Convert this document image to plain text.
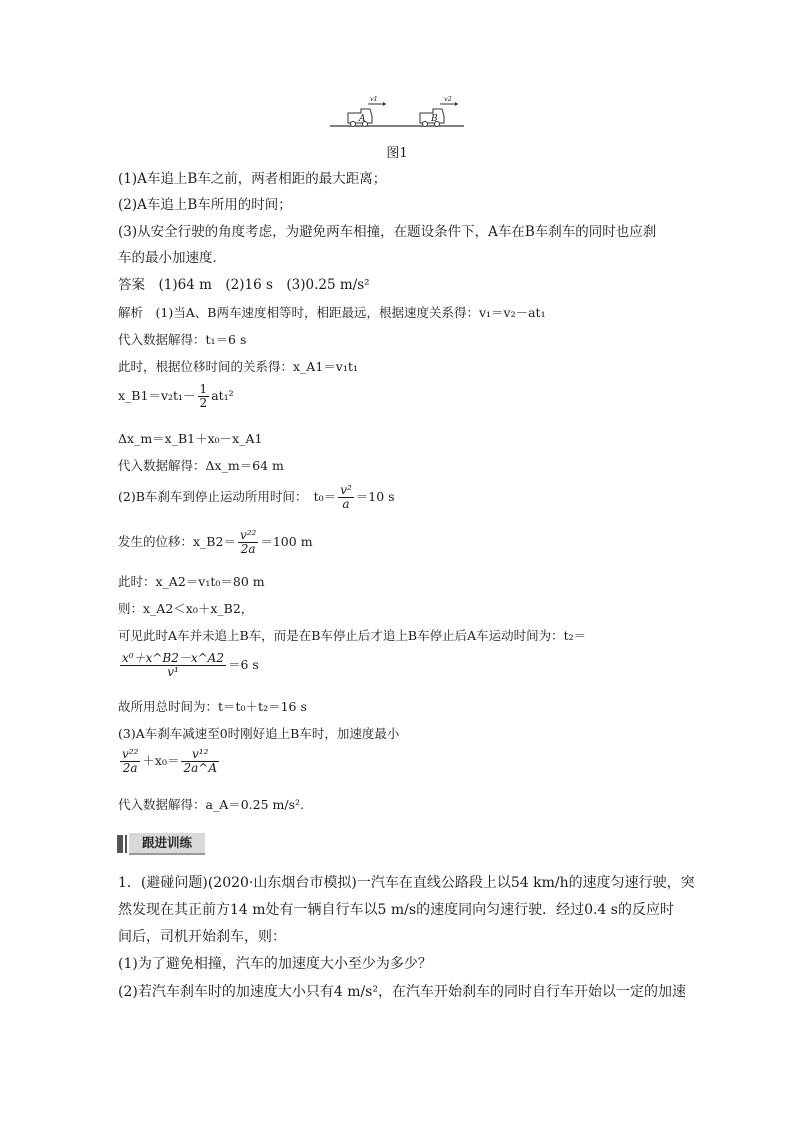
A
v1
B
v2
图1
(1)A车追上B车之前，两者相距的最大距离；
(2)A车追上B车所用的时间；
(3)从安全行驶的角度考虑，为避免两车相撞，在题设条件下，A车在B车刹车的同时也应刹
车的最小加速度．
答案　 (1)64 m　(2)16 s　(3)0.25 m/s²
解析　 (1)当A、B两车速度相等时，相距最远，根据速度关系得：v₁＝v₂－at₁
代入数据解得：t₁＝6 s
此时，根据位移时间的关系得：x_A1＝v₁t₁
x_B1＝v₂t₁－ $\frac{1}{2} at_1^2$
Δx_m＝x_B1＋x₀－x_A1
代入数据解得：Δx_m＝64 m
(2)B车刹车到停止运动所用时间：　$t_0= \frac{\text{v²}}{a} =10$ s
发生的位移：x_B2＝ $\frac{\text{v²²}}{2a} =100$ m
此时：x_A2＝v₁t₀＝80 m
则：x_A2＜x₀＋x_B2，
可见此时A车并未追上B车，而是在B车停止后才追上B车停止后A车运动时间为：t₂＝
$\frac{\text{x⁰＋x\textasciicircum{}B2－x\textasciicircum{}A2}}{\text{v¹}} =6$ s
故所用总时间为：t＝t₀＋t₂＝16 s
(3)A车刹车减速至0时刚好追上B车时，加速度最小
$\frac{\text{v²²}}{2a} +x_0= \frac{\text{v¹²}}{2a\^{}A}$
代入数据解得：a_A＝0.25 m/s².
跟进训练
1．(避碰问题)(2020·山东烟台市模拟)一汽车在直线公路段上以54 km/h的速度匀速行驶，突
然发现在其正前方14 m处有一辆自行车以5 m/s的速度同向匀速行驶．经过0.4 s的反应时
间后，司机开始刹车，则：
(1)为了避免相撞，汽车的加速度大小至少为多少？
(2)若汽车刹车时的加速度大小只有4 m/s²，在汽车开始刹车的同时自行车开始以一定的加速
